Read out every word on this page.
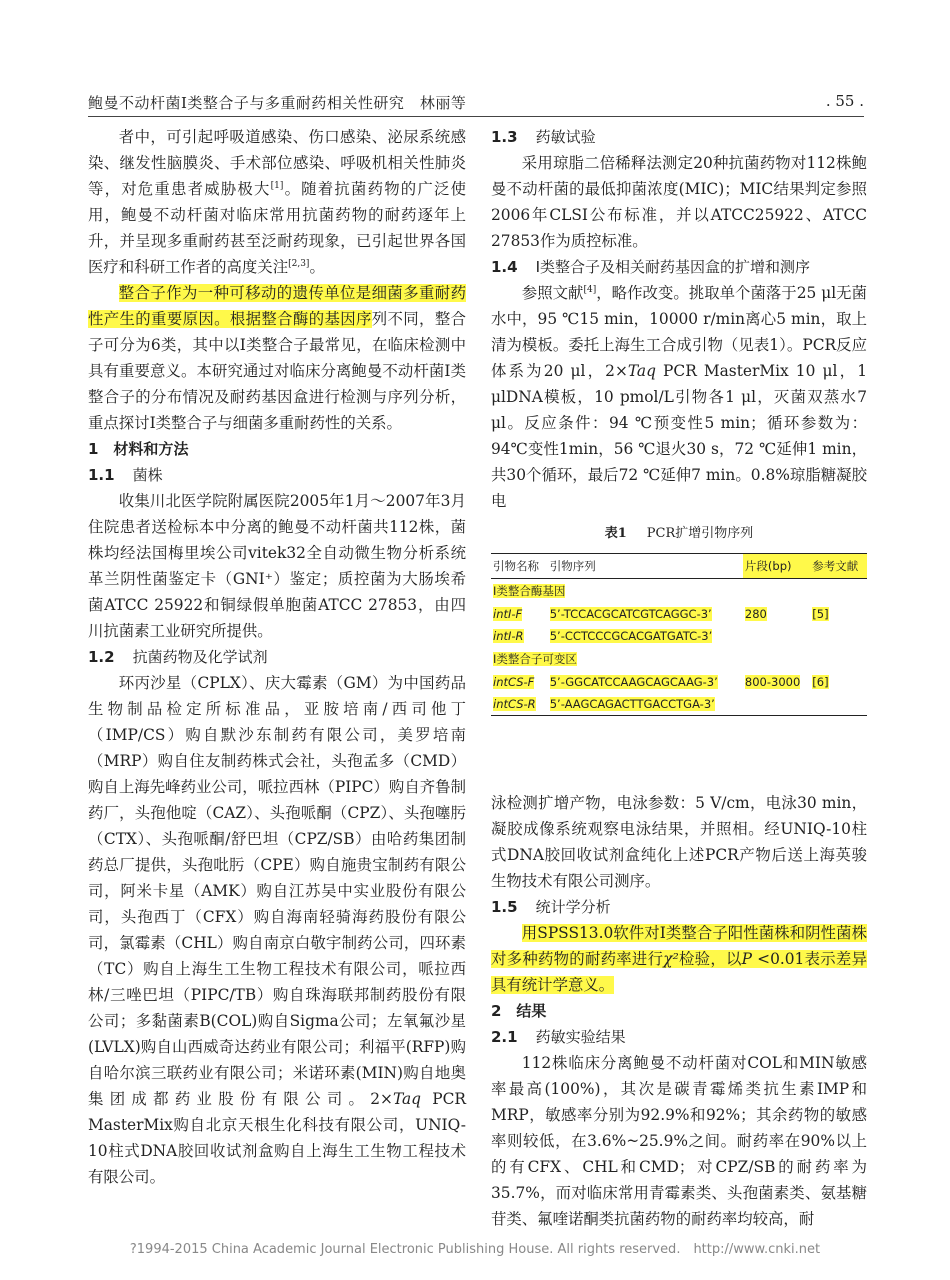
鲍曼不动杆菌Ⅰ类整合子与多重耐药相关性研究　林丽等	. 55 .

者中，可引起呼吸道感染、伤口感染、泌尿系统感染、继发性脑膜炎、手术部位感染、呼吸机相关性肺炎等，对危重患者威胁极大[1]。随着抗菌药物的广泛使用，鲍曼不动杆菌对临床常用抗菌药物的耐药逐年上升，并呈现多重耐药甚至泛耐药现象，已引起世界各国医疗和科研工作者的高度关注[2,3]。

整合子作为一种可移动的遗传单位是细菌多重耐药性产生的重要原因。根据整合酶的基因序列不同，整合子可分为6类，其中以Ⅰ类整合子最常见，在临床检测中具有重要意义。本研究通过对临床分离鲍曼不动杆菌Ⅰ类整合子的分布情况及耐药基因盒进行检测与序列分析，重点探讨Ⅰ类整合子与细菌多重耐药性的关系。

1　材料和方法

1.1 菌株

收集川北医学院附属医院2005年1月～2007年3月住院患者送检标本中分离的鲍曼不动杆菌共112株，菌株均经法国梅里埃公司vitek32全自动微生物分析系统革兰阴性菌鉴定卡（GNI⁺）鉴定；质控菌为大肠埃希菌ATCC 25922和铜绿假单胞菌ATCC 27853，由四川抗菌素工业研究所提供。

1.2 抗菌药物及化学试剂

环丙沙星（CPLX）、庆大霉素（GM）为中国药品生物制品检定所标准品，亚胺培南/西司他丁（IMP/CS）购自默沙东制药有限公司，美罗培南（MRP）购自住友制药株式会社，头孢孟多（CMD）购自上海先峰药业公司，哌拉西林（PIPC）购自齐鲁制药厂，头孢他啶（CAZ）、头孢哌酮（CPZ）、头孢噻肟（CTX）、头孢哌酮/舒巴坦（CPZ/SB）由哈药集团制药总厂提供，头孢吡肟（CPE）购自施贵宝制药有限公司，阿米卡星（AMK）购自江苏吴中实业股份有限公司，头孢西丁（CFX）购自海南轻骑海药股份有限公司，氯霉素（CHL）购自南京白敬宇制药公司，四环素（TC）购自上海生工生物工程技术有限公司，哌拉西林/三唑巴坦（PIPC/TB）购自珠海联邦制药股份有限公司；多黏菌素B(COL)购自Sigma公司；左氧氟沙星(LVLX)购自山西威奇达药业有限公司；利福平(RFP)购自哈尔滨三联药业有限公司；米诺环素(MIN)购自地奥集团成都药业股份有限公司。2×Taq PCR MasterMix购自北京天根生化科技有限公司，UNIQ-10柱式DNA胶回收试剂盒购自上海生工生物工程技术有限公司。

1.3 药敏试验

采用琼脂二倍稀释法测定20种抗菌药物对112株鲍曼不动杆菌的最低抑菌浓度(MIC)；MIC结果判定参照2006年CLSI公布标准，并以ATCC25922、ATCC 27853作为质控标准。

1.4 Ⅰ类整合子及相关耐药基因盒的扩增和测序

参照文献[4]，略作改变。挑取单个菌落于25 μl无菌水中，95 ℃15 min，10000 r/min离心5 min，取上清为模板。委托上海生工合成引物（见表1）。PCR反应体系为20 μl，2×Taq PCR MasterMix 10 μl，1 μlDNA模板，10 pmol/L引物各1 μl，灭菌双蒸水7 μl。反应条件：94 ℃预变性5 min；循环参数为：94℃变性1min，56 ℃退火30 s，72 ℃延伸1 min，共30个循环，最后72 ℃延伸7 min。0.8%琼脂糖凝胶电

表1 PCR扩增引物序列
引物名称	引物序列	片段(bp)	参考文献
Ⅰ类整合酶基因			
intI-F	5’-TCCACGCATCGTCAGGC-3’	280	[5]
intI-R	5’-CCTCCCGCACGATGATC-3’		
Ⅰ类整合子可变区			
intCS-F	5’-GGCATCCAAGCAGCAAG-3’	800-3000	[6]
intCS-R	5’-AAGCAGACTTGACCTGA-3’		

泳检测扩增产物，电泳参数：5 V/cm，电泳30 min，凝胶成像系统观察电泳结果，并照相。经UNIQ-10柱式DNA胶回收试剂盒纯化上述PCR产物后送上海英骏生物技术有限公司测序。

1.5 统计学分析

用SPSS13.0软件对Ⅰ类整合子阳性菌株和阴性菌株对多种药物的耐药率进行χ²检验，以P <0.01表示差异具有统计学意义。

2　结果

2.1 药敏实验结果

112株临床分离鲍曼不动杆菌对COL和MIN敏感率最高(100%)，其次是碳青霉烯类抗生素IMP和MRP，敏感率分别为92.9%和92%；其余药物的敏感率则较低，在3.6%~25.9%之间。耐药率在90%以上的有CFX、CHL和CMD；对CPZ/SB的耐药率为35.7%，而对临床常用青霉素类、头孢菌素类、氨基糖苷类、氟喹诺酮类抗菌药物的耐药率均较高，耐

?1994-2015 China Academic Journal Electronic Publishing House. All rights reserved.　http://www.cnki.net
